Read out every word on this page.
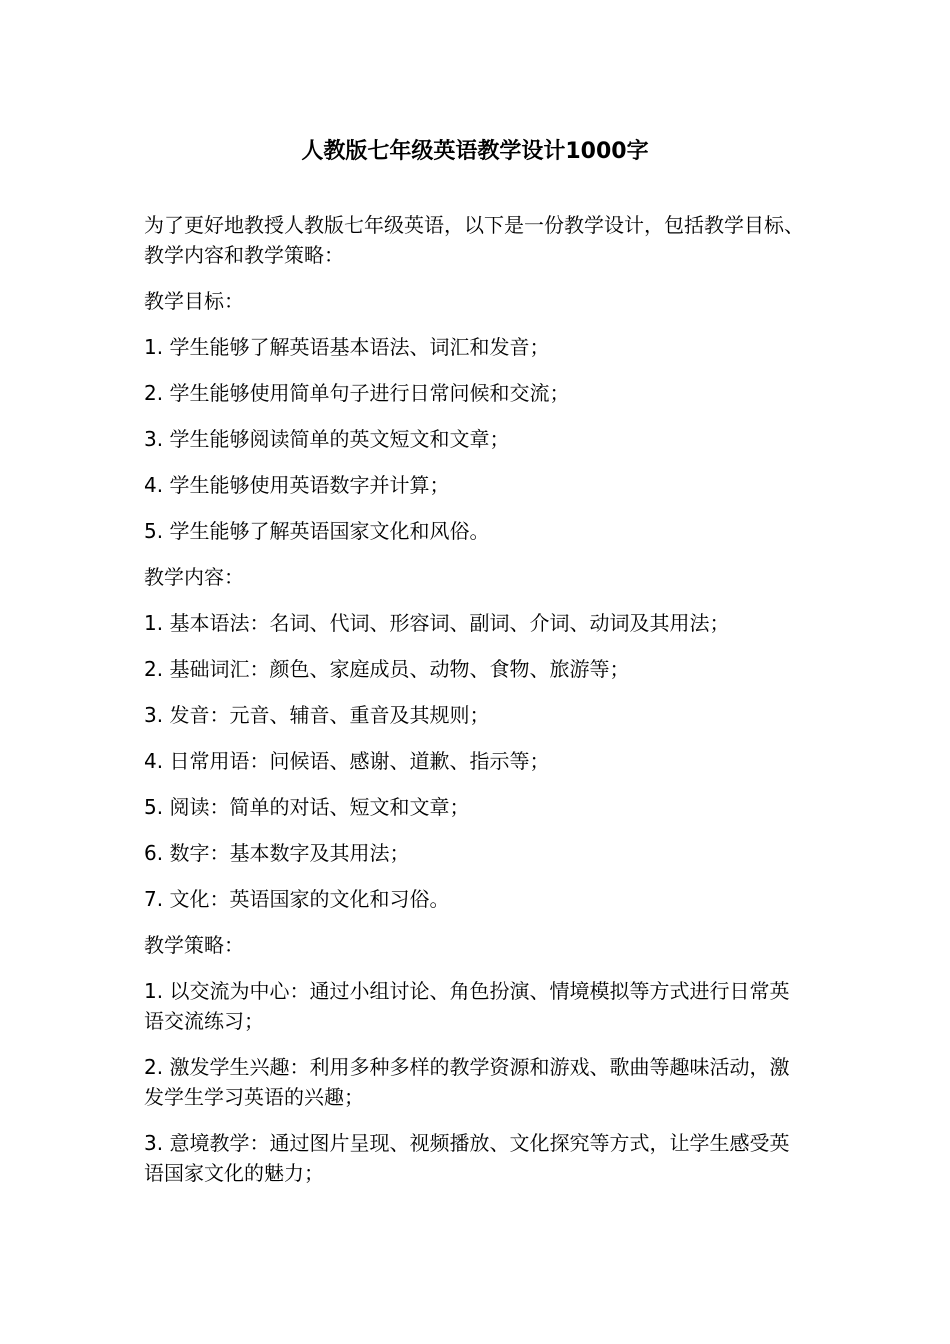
人教版七年级英语教学设计1000字

为了更好地教授人教版七年级英语，以下是一份教学设计，包括教学目标、教学内容和教学策略：

教学目标：

1. 学生能够了解英语基本语法、词汇和发音；

2. 学生能够使用简单句子进行日常问候和交流；

3. 学生能够阅读简单的英文短文和文章；

4. 学生能够使用英语数字并计算；

5. 学生能够了解英语国家文化和风俗。

教学内容：

1. 基本语法：名词、代词、形容词、副词、介词、动词及其用法；

2. 基础词汇：颜色、家庭成员、动物、食物、旅游等；

3. 发音：元音、辅音、重音及其规则；

4. 日常用语：问候语、感谢、道歉、指示等；

5. 阅读：简单的对话、短文和文章；

6. 数字：基本数字及其用法；

7. 文化：英语国家的文化和习俗。

教学策略：

1. 以交流为中心：通过小组讨论、角色扮演、情境模拟等方式进行日常英语交流练习；

2. 激发学生兴趣：利用多种多样的教学资源和游戏、歌曲等趣味活动，激发学生学习英语的兴趣；

3. 意境教学：通过图片呈现、视频播放、文化探究等方式，让学生感受英语国家文化的魅力；
